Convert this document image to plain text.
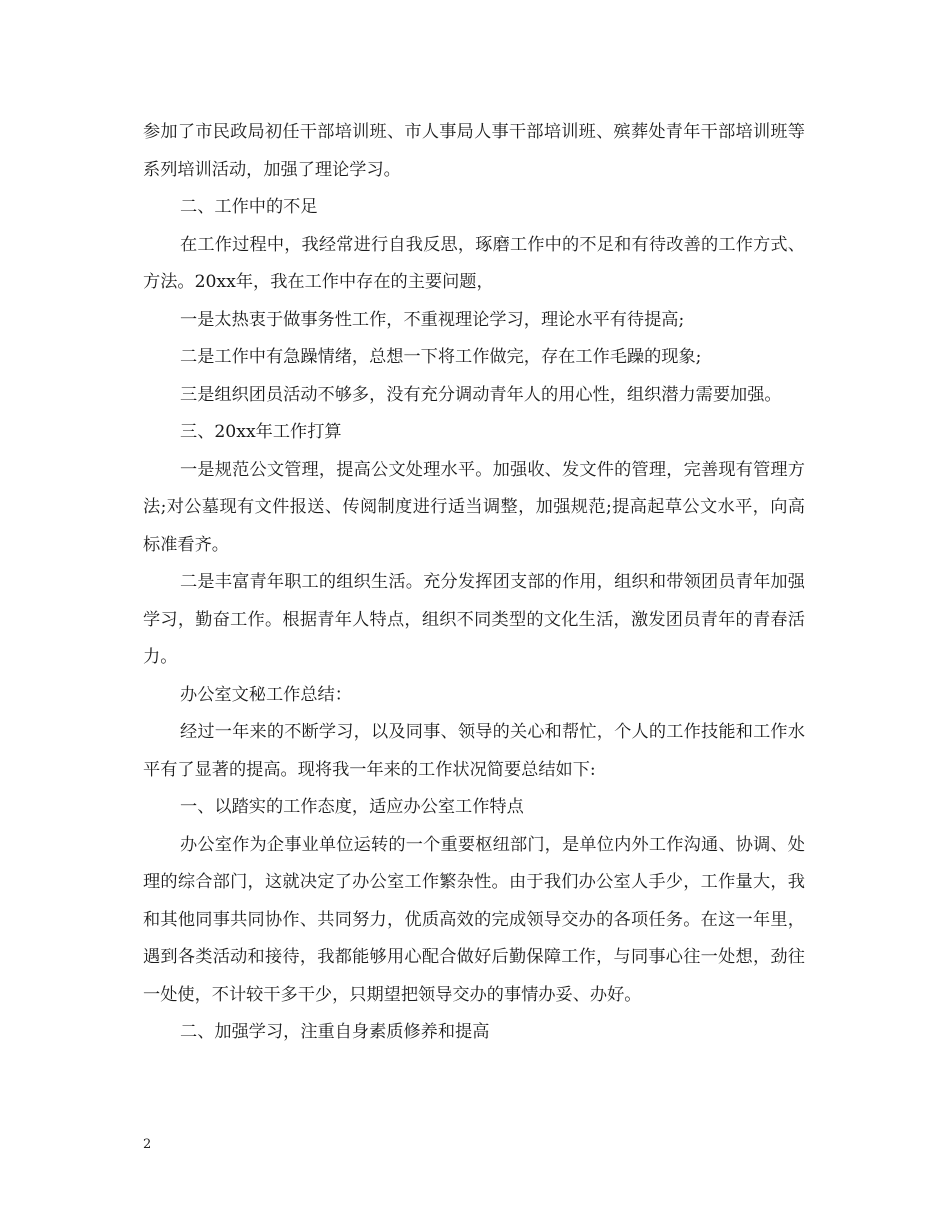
参加了市民政局初任干部培训班、市人事局人事干部培训班、殡葬处青年干部培训班等系列培训活动，加强了理论学习。

二、工作中的不足

在工作过程中，我经常进行自我反思，琢磨工作中的不足和有待改善的工作方式、方法。20xx年，我在工作中存在的主要问题，

一是太热衷于做事务性工作，不重视理论学习，理论水平有待提高;

二是工作中有急躁情绪，总想一下将工作做完，存在工作毛躁的现象;

三是组织团员活动不够多，没有充分调动青年人的用心性，组织潜力需要加强。

三、20xx年工作打算

一是规范公文管理，提高公文处理水平。加强收、发文件的管理，完善现有管理方法;对公墓现有文件报送、传阅制度进行适当调整，加强规范;提高起草公文水平，向高标准看齐。

二是丰富青年职工的组织生活。充分发挥团支部的作用，组织和带领团员青年加强学习，勤奋工作。根据青年人特点，组织不同类型的文化生活，激发团员青年的青春活力。

办公室文秘工作总结：

经过一年来的不断学习，以及同事、领导的关心和帮忙，个人的工作技能和工作水平有了显著的提高。现将我一年来的工作状况简要总结如下:

一、以踏实的工作态度，适应办公室工作特点

办公室作为企事业单位运转的一个重要枢纽部门，是单位内外工作沟通、协调、处理的综合部门，这就决定了办公室工作繁杂性。由于我们办公室人手少，工作量大，我和其他同事共同协作、共同努力，优质高效的完成领导交办的各项任务。在这一年里，遇到各类活动和接待，我都能够用心配合做好后勤保障工作，与同事心往一处想，劲往一处使，不计较干多干少，只期望把领导交办的事情办妥、办好。

二、加强学习，注重自身素质修养和提高

2
